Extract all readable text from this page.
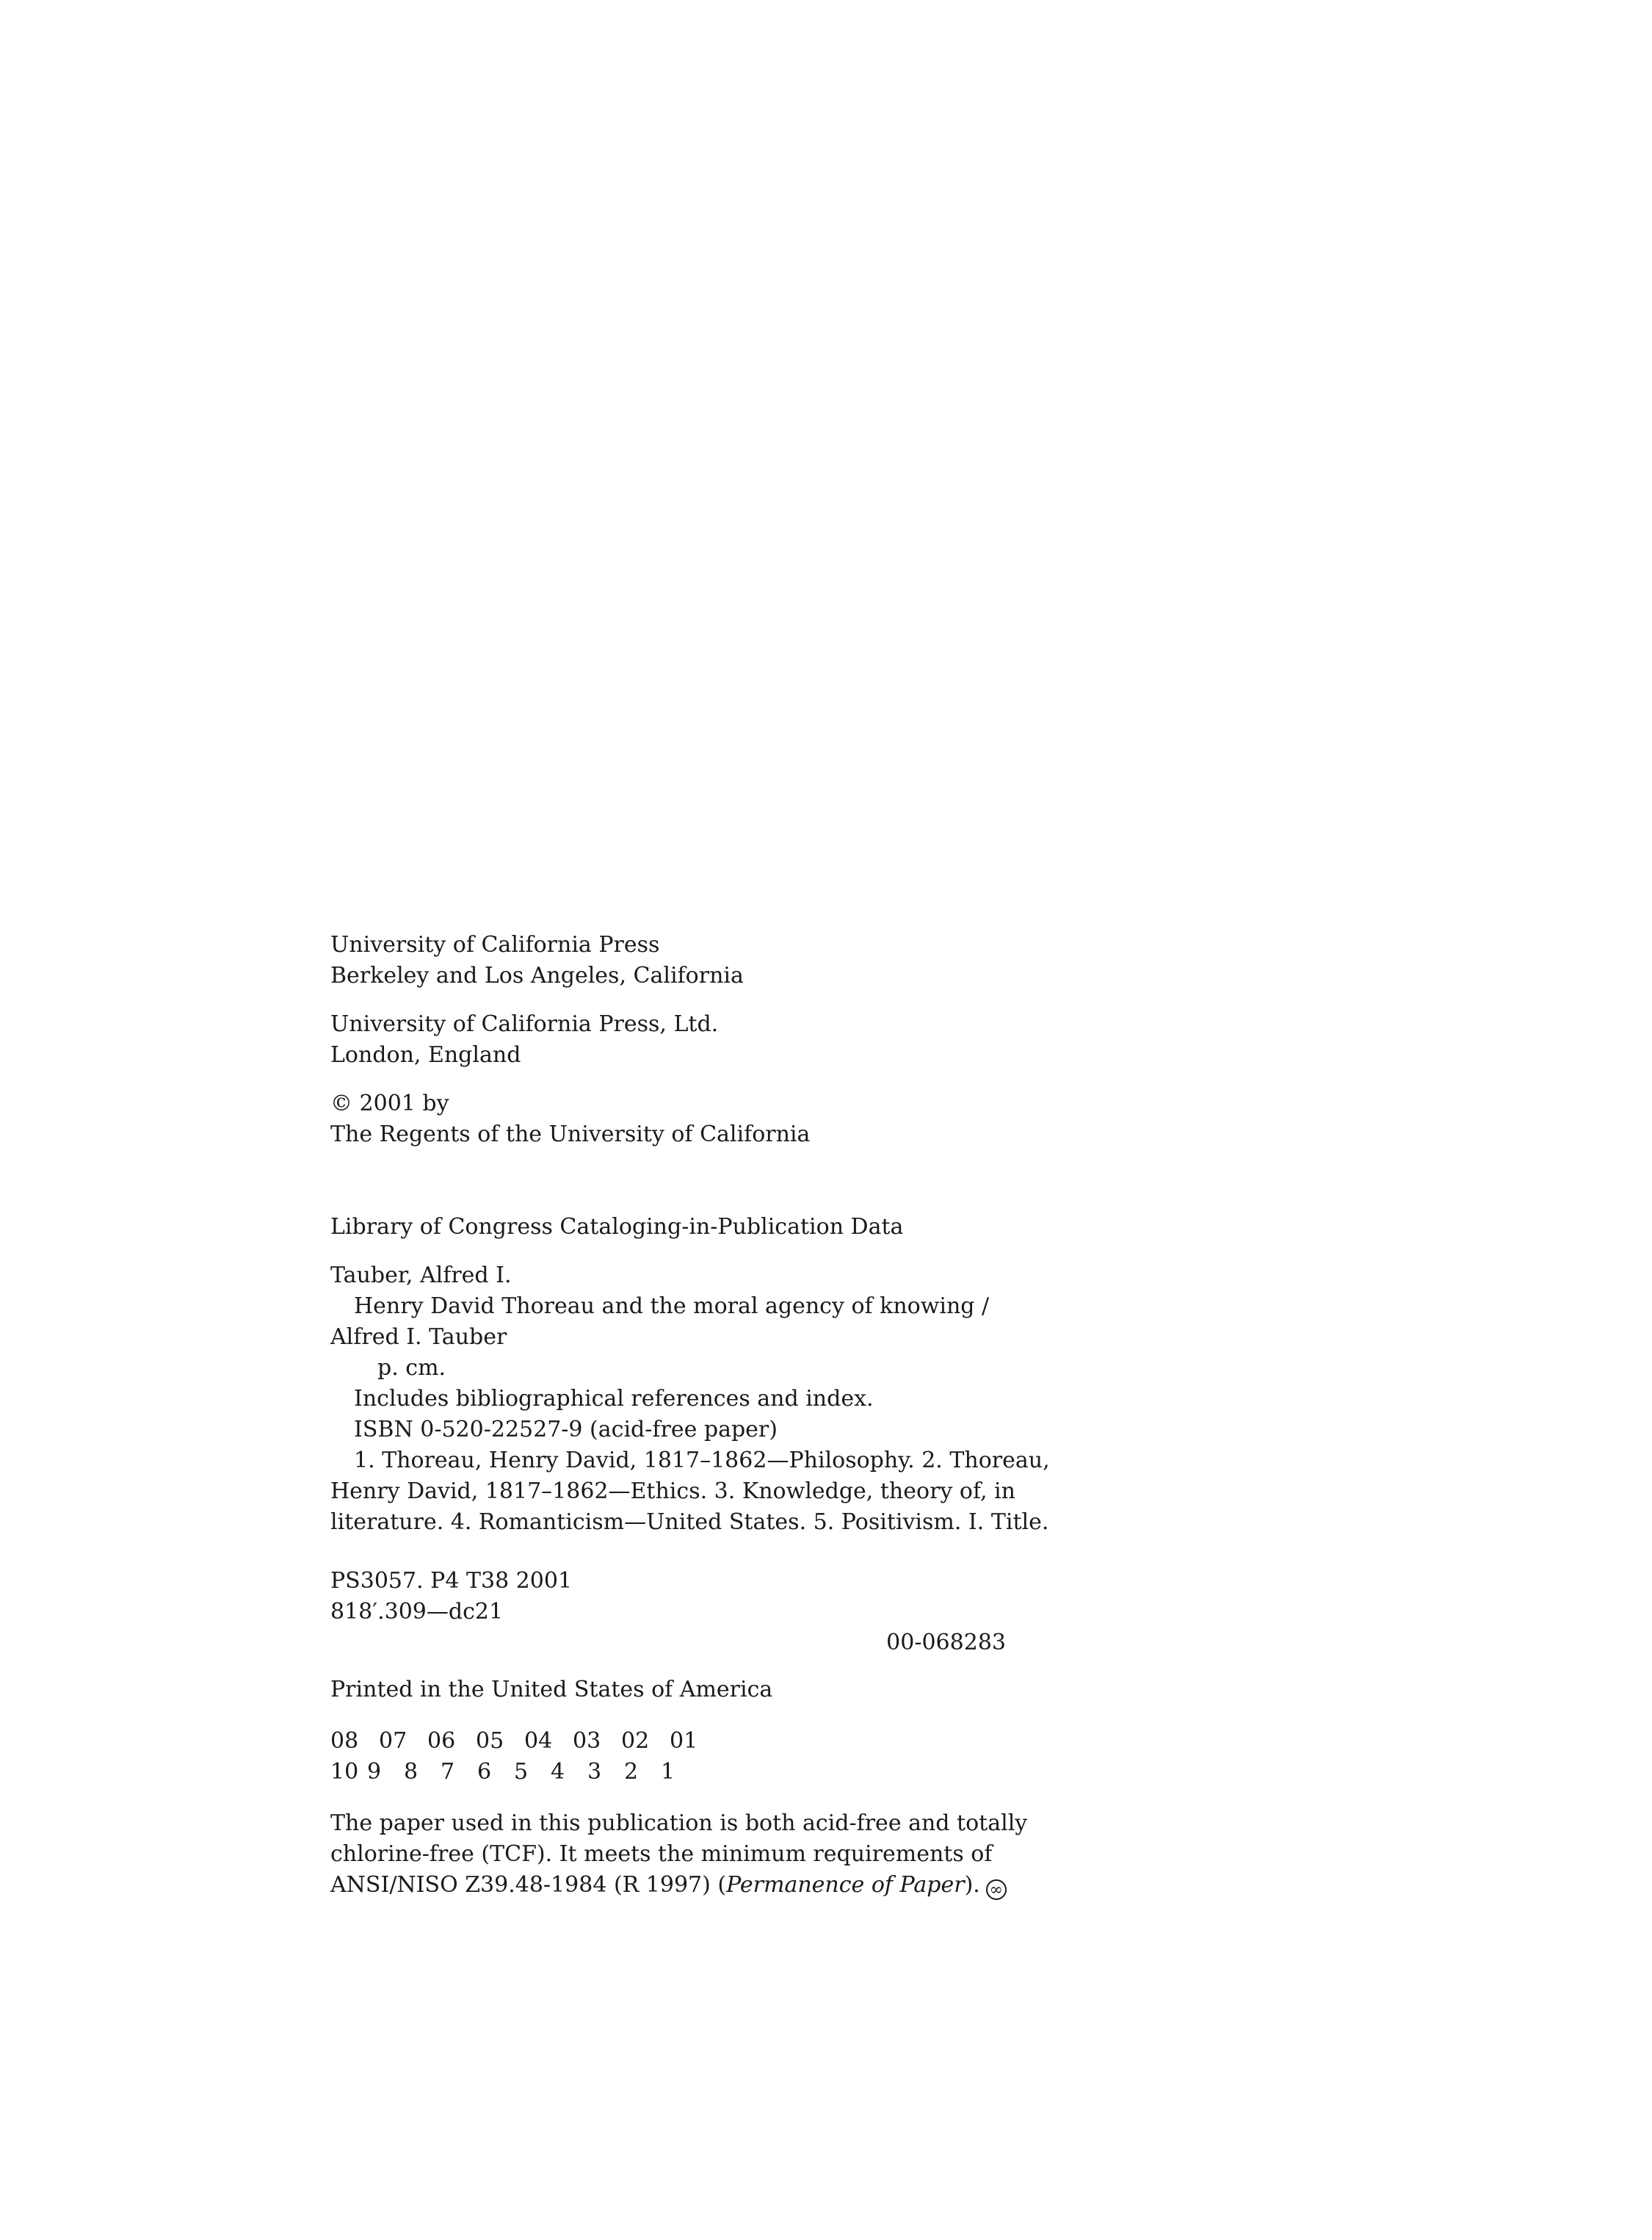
University of California Press
Berkeley and Los Angeles, California
University of California Press, Ltd.
London, England
© 2001 by
The Regents of the University of California
Library of Congress Cataloging-in-Publication Data
Tauber, Alfred I.
Henry David Thoreau and the moral agency of knowing /
Alfred I. Tauber
p. cm.
Includes bibliographical references and index.
ISBN 0-520-22527-9 (acid-free paper)
1. Thoreau, Henry David, 1817–1862—Philosophy. 2. Thoreau,
Henry David, 1817–1862—Ethics. 3. Knowledge, theory of, in
literature. 4. Romanticism—United States. 5. Positivism. I. Title.
PS3057. P4 T38 2001
818′.309—dc21
00-068283
Printed in the United States of America
08 07 06 05 04 03 02 01
10 9	8	7	6	5	4	3	2	1
The paper used in this publication is both acid-free and totally
chlorine-free (TCF). It meets the minimum requirements of
ANSI/NISO Z39.48-1984 (R 1997) (Permanence of Paper). ∞
